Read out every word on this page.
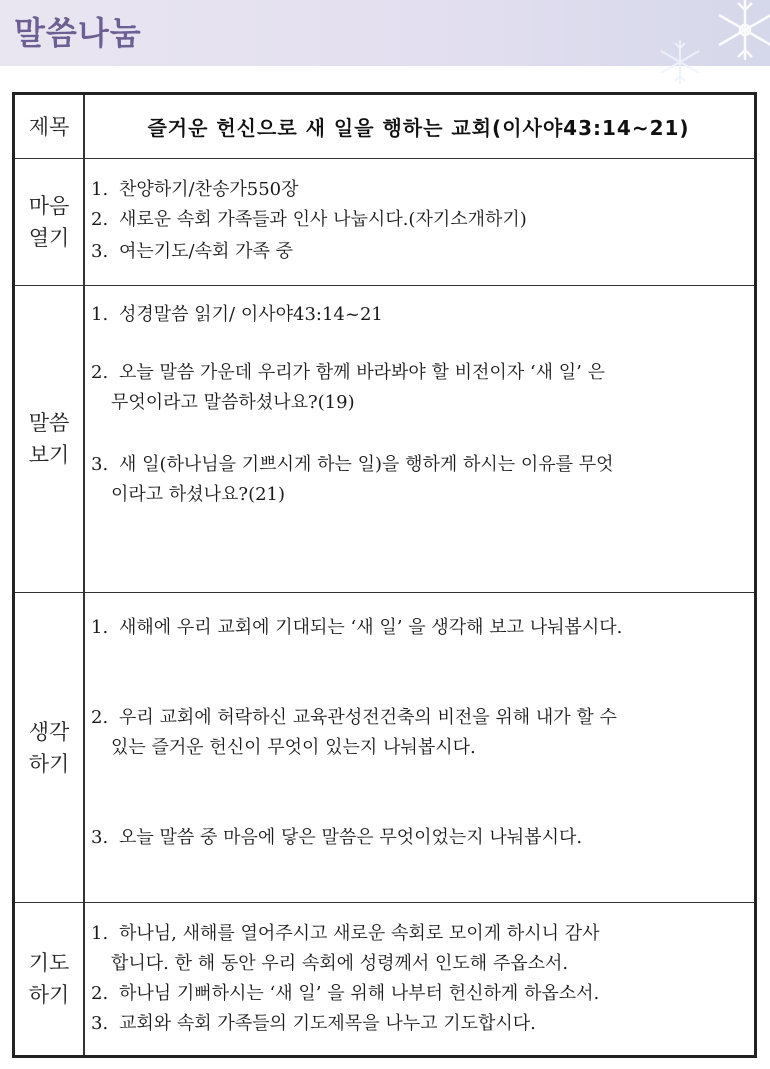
말씀나눔
제목	즐거운 헌신으로 새 일을 행하는 교회(이사야43:14~21)
마음
열기
1. 찬양하기/찬송가550장
2. 새로운 속회 가족들과 인사 나눕시다.(자기소개하기)
3. 여는기도/속회 가족 중
말씀
보기
1. 성경말씀 읽기/ 이사야43:14~21
2. 오늘 말씀 가운데 우리가 함께 바라봐야 할 비전이자 ‘새 일’ 은
무엇이라고 말씀하셨나요?(19)
3. 새 일(하나님을 기쁘시게 하는 일)을 행하게 하시는 이유를 무엇
이라고 하셨나요?(21)
생각
하기
1. 새해에 우리 교회에 기대되는 ‘새 일’ 을 생각해 보고 나눠봅시다.
2. 우리 교회에 허락하신 교육관성전건축의 비전을 위해 내가 할 수
있는 즐거운 헌신이 무엇이 있는지 나눠봅시다.
3. 오늘 말씀 중 마음에 닿은 말씀은 무엇이었는지 나눠봅시다.
기도
하기
1. 하나님, 새해를 열어주시고 새로운 속회로 모이게 하시니 감사
합니다. 한 해 동안 우리 속회에 성령께서 인도해 주옵소서.
2. 하나님 기뻐하시는 ‘새 일’ 을 위해 나부터 헌신하게 하옵소서.
3. 교회와 속회 가족들의 기도제목을 나누고 기도합시다.
